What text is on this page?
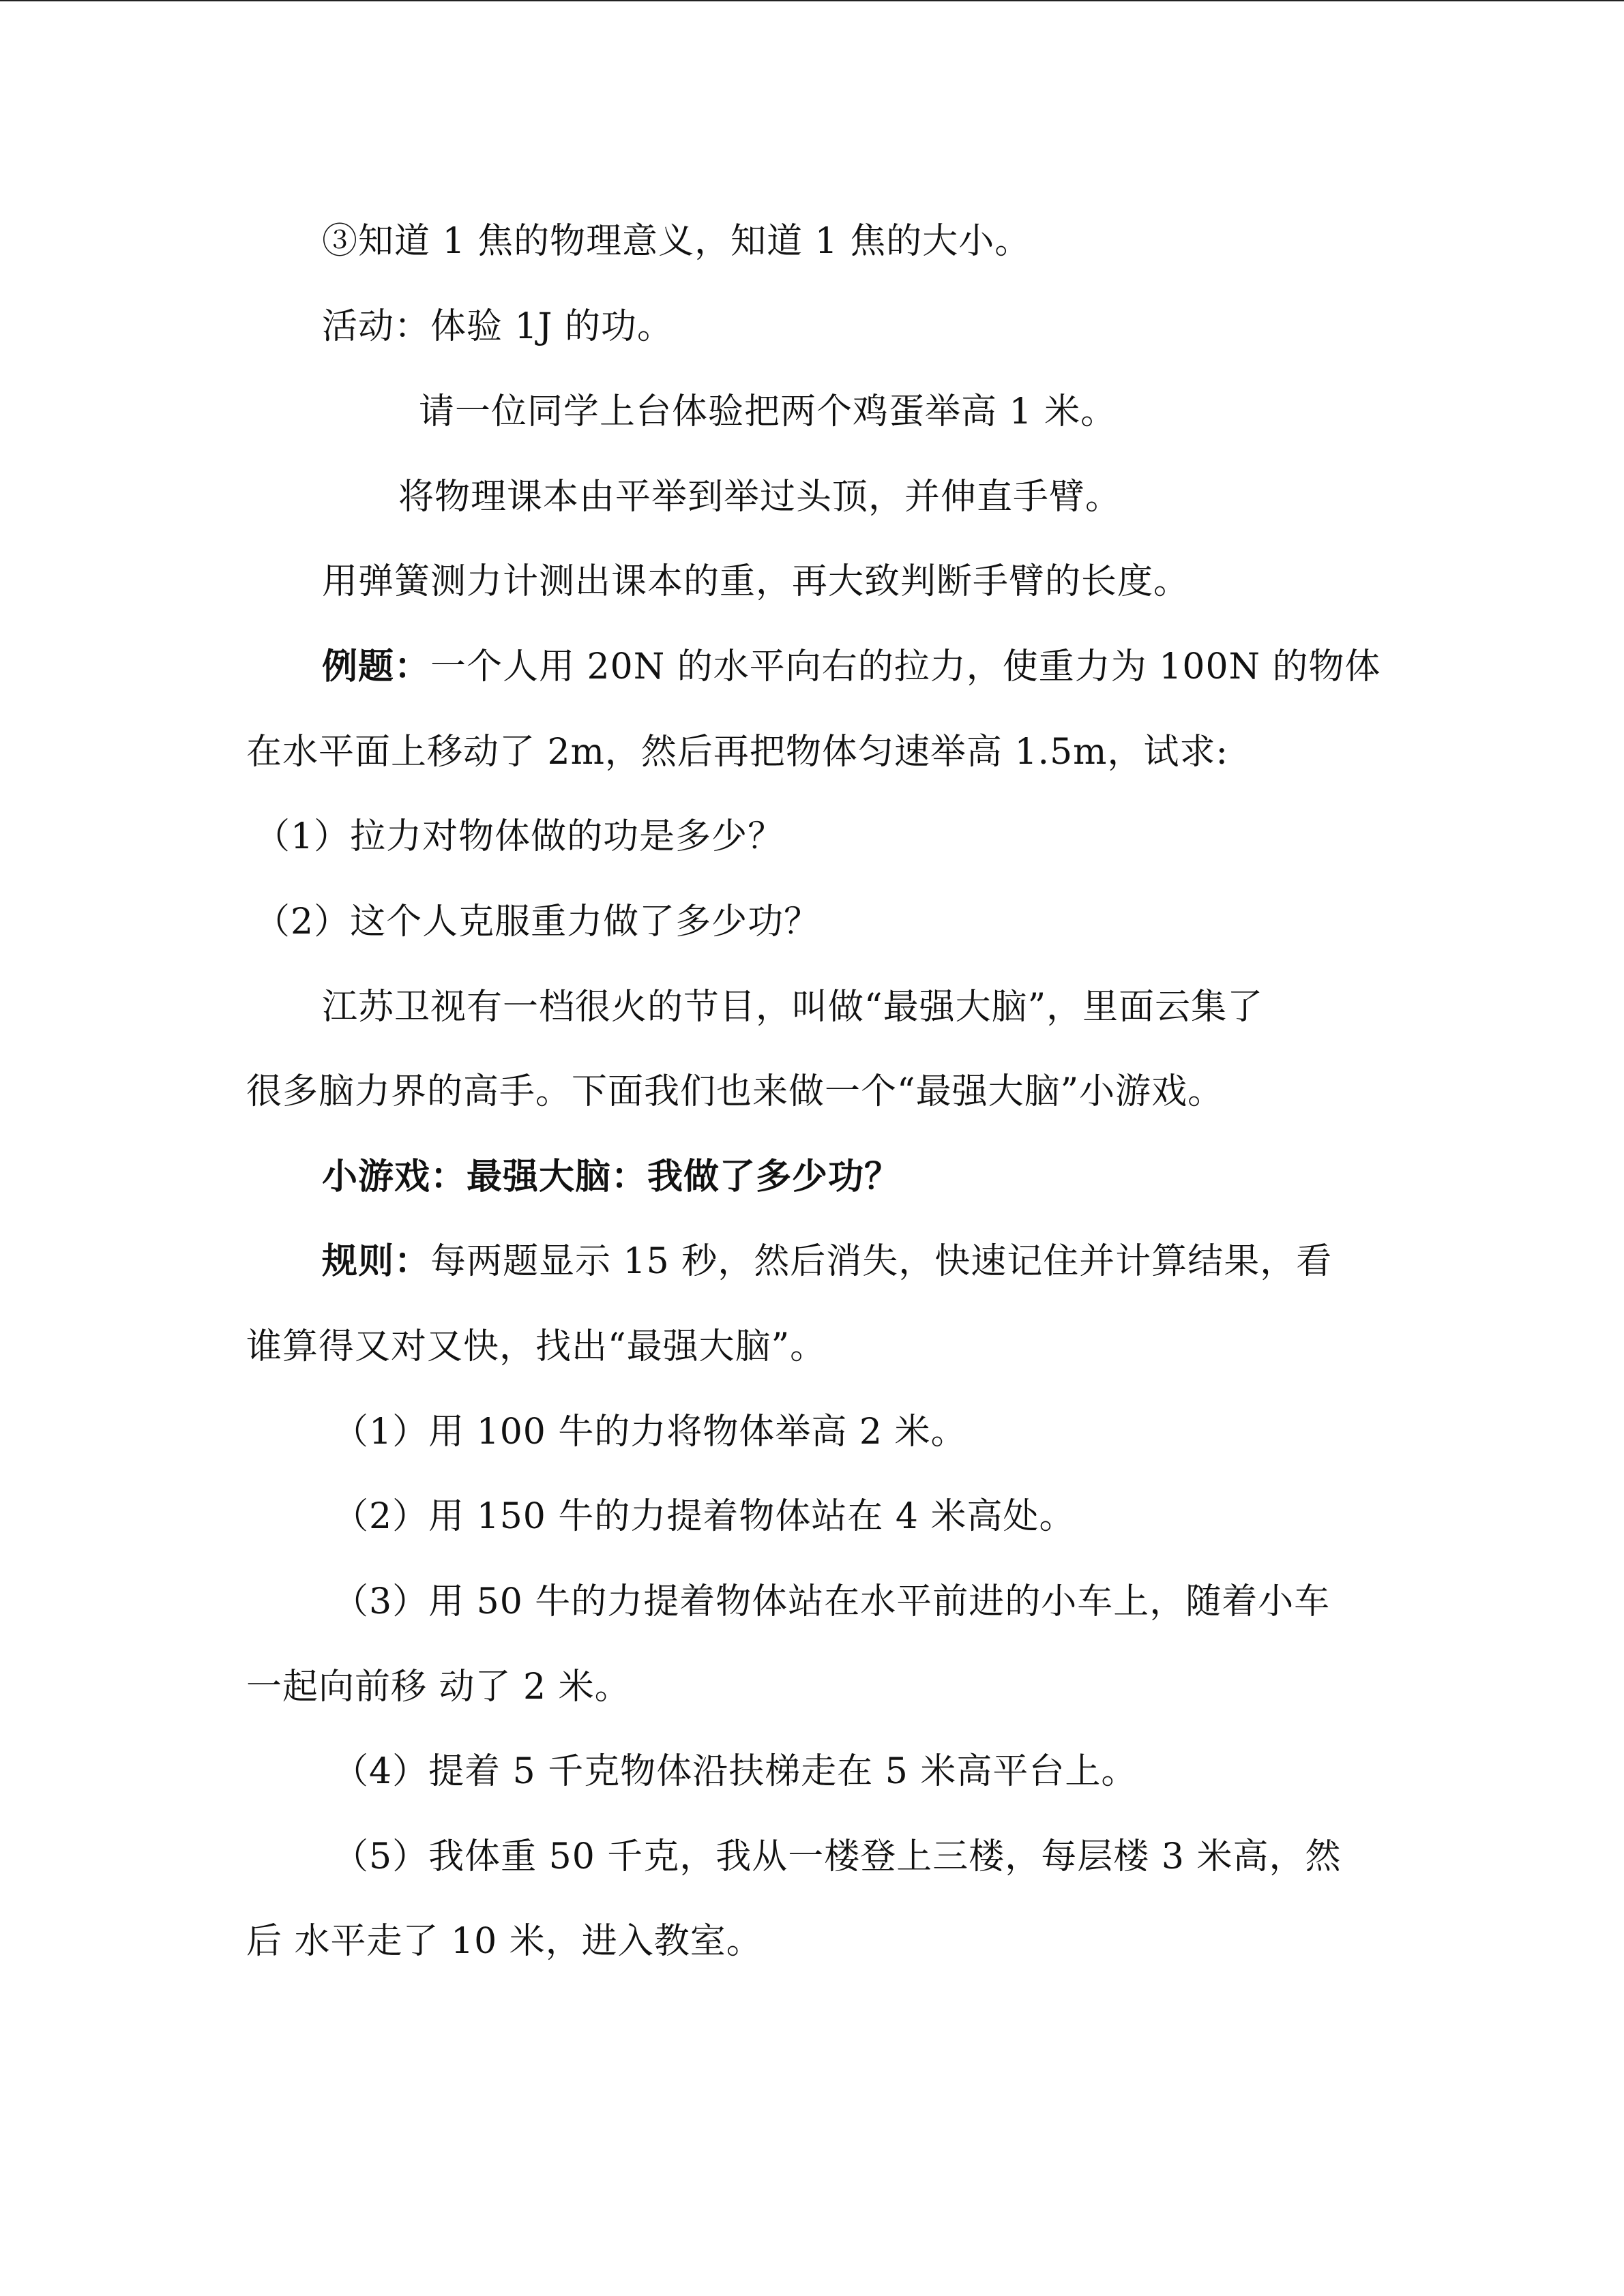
③知道 1 焦的物理意义，知道 1 焦的大小。
活动：体验 1J 的功。
请一位同学上台体验把两个鸡蛋举高 1 米。
将物理课本由平举到举过头顶，并伸直手臂。
用弹簧测力计测出课本的重，再大致判断手臂的长度。
例题：一个人用 20N 的水平向右的拉力，使重力为 100N 的物体
在水平面上移动了 2m，然后再把物体匀速举高 1.5m，试求:
（1）拉力对物体做的功是多少？
（2）这个人克服重力做了多少功？
江苏卫视有一档很火的节目，叫做“最强大脑”，里面云集了
很多脑力界的高手。下面我们也来做一个“最强大脑”小游戏。
小游戏：最强大脑：我做了多少功？
规则：每两题显示 15 秒，然后消失，快速记住并计算结果，看
谁算得又对又快，找出“最强大脑”。
（1）用 100 牛的力将物体举高 2 米。
（2）用 150 牛的力提着物体站在 4 米高处。
（3）用 50 牛的力提着物体站在水平前进的小车上，随着小车
一起向前移 动了 2 米。
（4）提着 5 千克物体沿扶梯走在 5 米高平台上。
（5）我体重 50 千克，我从一楼登上三楼，每层楼 3 米高，然
后 水平走了 10 米，进入教室。
